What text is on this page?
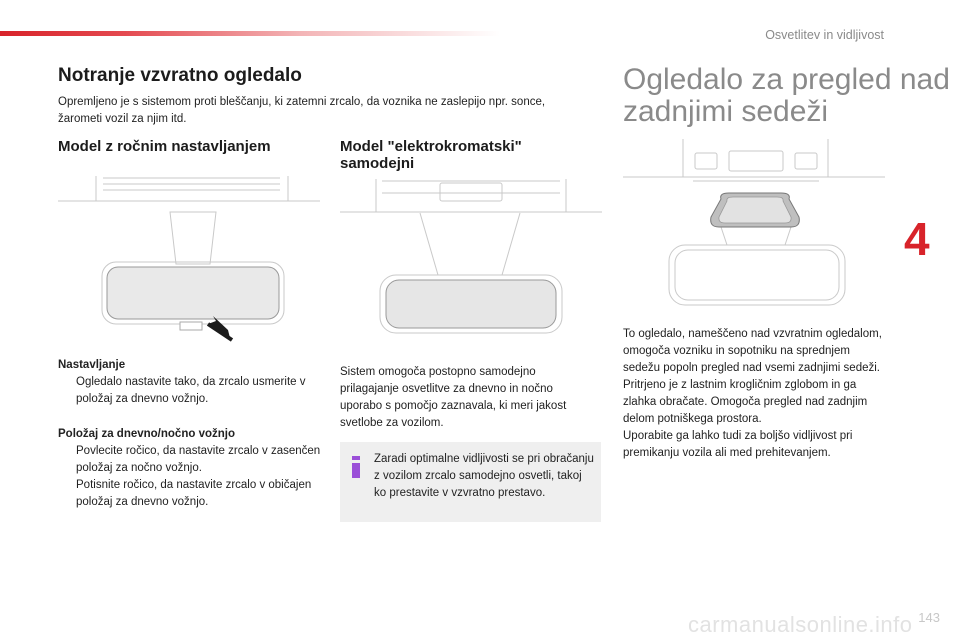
Osvetlitev in vidljivost
Notranje vzvratno ogledalo

Opremljeno je s sistemom proti bleščanju, ki zatemni zrcalo, da voznika ne zaslepijo npr. sonce, žarometi vozil za njim itd.

Model z ročnim nastavljanjem	Model "elektrokromatski" samodejni
Ogledalo za pregled nad zadnjimi sedeži
Nastavljanje
Ogledalo nastavite tako, da zrcalo usmerite v položaj za dnevno vožnjo.
Položaj za dnevno/nočno vožnjo
Povlecite ročico, da nastavite zrcalo v zasenčen položaj za nočno vožnjo.
Potisnite ročico, da nastavite zrcalo v običajen položaj za dnevno vožnjo.

Sistem omogoča postopno samodejno prilagajanje osvetlitve za dnevno in nočno uporabo s pomočjo zaznavala, ki meri jakost svetlobe za vozilom.

Zaradi optimalne vidljivosti se pri obračanju z vozilom zrcalo samodejno osvetli, takoj ko prestavite v vzvratno prestavo.

To ogledalo, nameščeno nad vzvratnim ogledalom, omogoča vozniku in sopotniku na sprednjem sedežu popoln pregled nad vsemi zadnjimi sedeži.

Pritrjeno je z lastnim krogličnim zglobom in ga zlahka obračate. Omogoča pregled nad zadnjim delom potniškega prostora.

Uporabite ga lahko tudi za boljšo vidljivost pri premikanju vozila ali med prehitevanjem.

4
carmanualsonline.info 143
